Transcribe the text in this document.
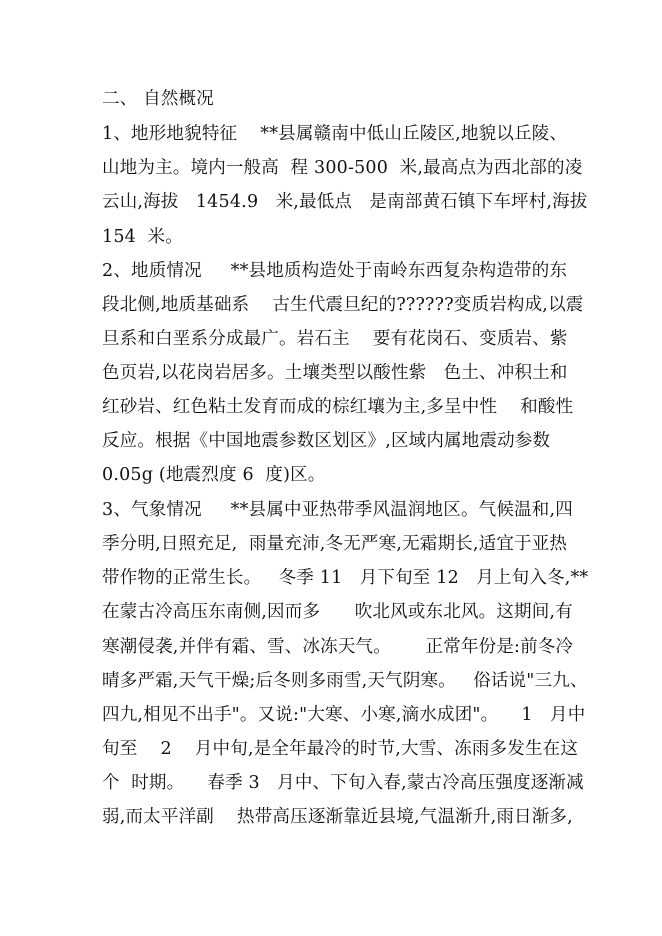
二、 自然概况
1、地形地貌特征    **县属赣南中低山丘陵区,地貌以丘陵、
山地为主。境内一般高  程 300-500  米,最高点为西北部的凌
云山,海拔   1454.9   米,最低点   是南部黄石镇下车坪村,海拔
154  米。
2、地质情况     **县地质构造处于南岭东西复杂构造带的东
段北侧,地质基础系    古生代震旦纪的??????变质岩构成,以震
旦系和白垩系分成最广。岩石主    要有花岗石、变质岩、紫
色页岩,以花岗岩居多。土壤类型以酸性紫   色土、冲积土和
红砂岩、红色粘土发育而成的棕红壤为主,多呈中性    和酸性
反应。根据《中国地震参数区划区》,区域内属地震动参数
0.05g (地震烈度 6  度)区。
3、气象情况     **县属中亚热带季风温润地区。气候温和,四
季分明,日照充足,  雨量充沛,冬无严寒,无霜期长,适宜于亚热
带作物的正常生长。   冬季 11   月下旬至 12   月上旬入冬,**
在蒙古冷高压东南侧,因而多      吹北风或东北风。这期间,有
寒潮侵袭,并伴有霜、雪、冰冻天气。      正常年份是:前冬冷
晴多严霜,天气干燥;后冬则多雨雪,天气阴寒。   俗话说"三九、
四九,相见不出手"。又说:"大寒、小寒,滴水成团"。    1   月中
旬至    2    月中旬,是全年最冷的时节,大雪、冻雨多发生在这
个  时期。    春季 3   月中、下旬入春,蒙古冷高压强度逐渐减
弱,而太平洋副    热带高压逐渐靠近县境,气温渐升,雨日渐多,
